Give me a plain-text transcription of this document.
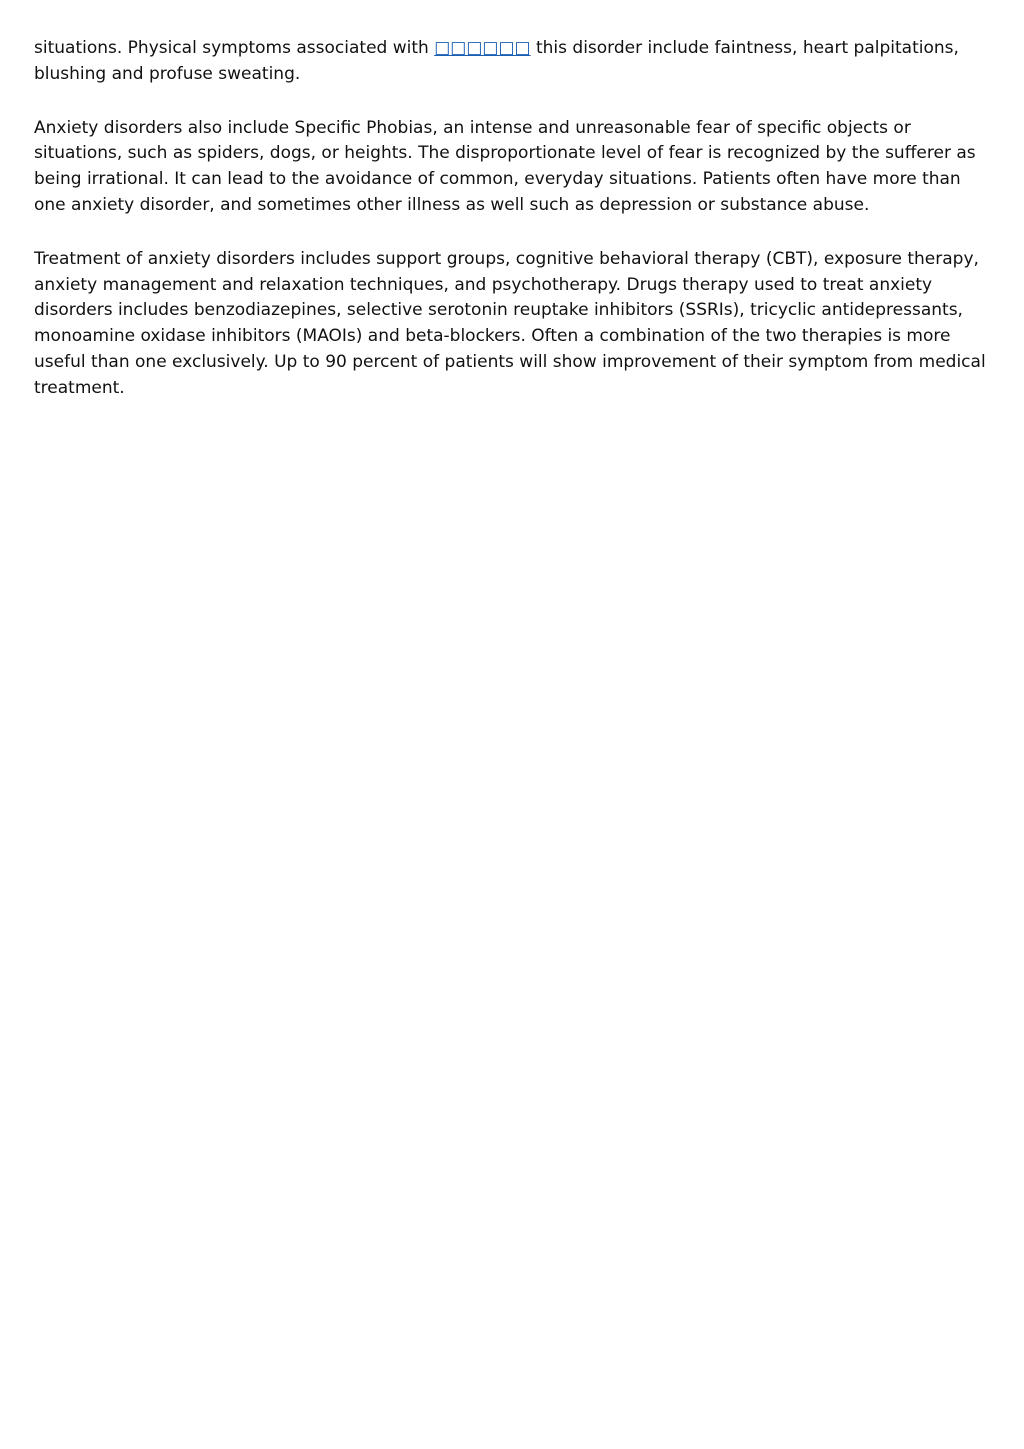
situations. Physical symptoms associated with □□□□□□ this disorder include faintness, heart palpitations, blushing and profuse sweating.

Anxiety disorders also include Specific Phobias, an intense and unreasonable fear of specific objects or situations, such as spiders, dogs, or heights. The disproportionate level of fear is recognized by the sufferer as being irrational. It can lead to the avoidance of common, everyday situations. Patients often have more than one anxiety disorder, and sometimes other illness as well such as depression or substance abuse.

Treatment of anxiety disorders includes support groups, cognitive behavioral therapy (CBT), exposure therapy, anxiety management and relaxation techniques, and psychotherapy. Drugs therapy used to treat anxiety disorders includes benzodiazepines, selective serotonin reuptake inhibitors (SSRIs), tricyclic antidepressants, monoamine oxidase inhibitors (MAOIs) and beta-blockers. Often a combination of the two therapies is more useful than one exclusively. Up to 90 percent of patients will show improvement of their symptom from medical treatment.
